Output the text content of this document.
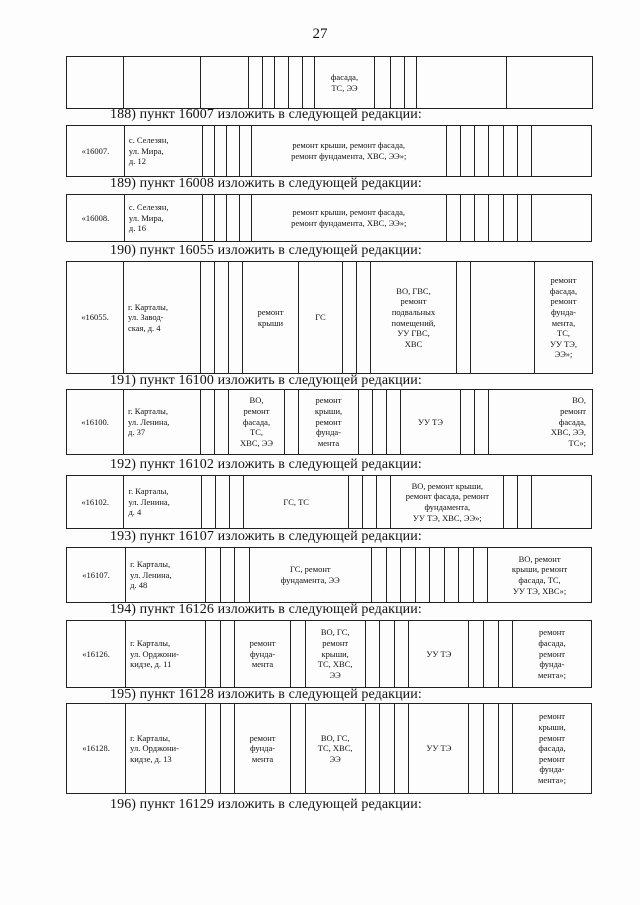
27
								фасада,
ТС, ЭЭ					
188) пункт 16007 изложить в следующей редакции:
«16007.	с. Селезян,
ул. Мира,
д. 12					ремонт крыши, ремонт фасада,
ремонт фундамента, ХВС, ЭЭ»;							
189) пункт 16008 изложить в следующей редакции:
«16008.	с. Селезян,
ул. Мира,
д. 16					ремонт крыши, ремонт фасада,
ремонт фундамента, ХВС, ЭЭ»;							
190) пункт 16055 изложить в следующей редакции:
«16055.	г. Карталы,
ул. Завод-
ская, д. 4				ремонт
крыши	ГС			ВО, ГВС,
ремонт
подвальных
помещений,
УУ ГВС,
ХВС			ремонт
фасада,
ремонт
фунда-
мента,
ТС,
УУ ТЭ,
ЭЭ»;
191) пункт 16100 изложить в следующей редакции:
«16100.	г. Карталы,
ул. Ленина,
д. 37			ВО,
ремонт
фасада,
ТС,
ХВС, ЭЭ		ремонт
крыши,
ремонт
фунда-
мента				УУ ТЭ			ВО,
ремонт
фасада,
ХВС, ЭЭ,
ТС»;
192) пункт 16102 изложить в следующей редакции:
«16102.	г. Карталы,
ул. Ленина,
д. 4				ГС, ТС				ВО, ремонт крыши,
ремонт фасада, ремонт
фундамента,
УУ ТЭ, ХВС, ЭЭ»;			
193) пункт 16107 изложить в следующей редакции:
«16107.	г. Карталы,
ул. Ленина,
д. 48				ГС, ремонт
фундамента, ЭЭ									ВО, ремонт
крыши, ремонт
фасада, ТС,
УУ ТЭ, ХВС»;
194) пункт 16126 изложить в следующей редакции:
«16126.	г. Карталы,
ул. Орджони-
кидзе, д. 11			ремонт
фунда-
мента		ВО, ГС,
ремонт
крыши,
ТС, ХВС,
ЭЭ				УУ ТЭ				ремонт
фасада,
ремонт
фунда-
мента»;
195) пункт 16128 изложить в следующей редакции:
«16128.	г. Карталы,
ул. Орджони-
кидзе, д. 13			ремонт
фунда-
мента		ВО, ГС,
ТС, ХВС,
ЭЭ				УУ ТЭ				ремонт
крыши,
ремонт
фасада,
ремонт
фунда-
мента»;
196) пункт 16129 изложить в следующей редакции:
